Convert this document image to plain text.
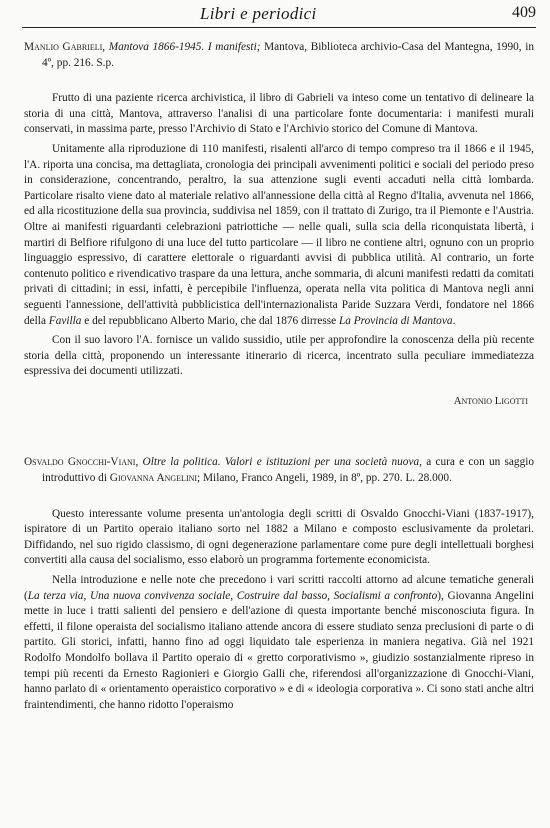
Libri e periodici	409
Manlio Gabrieli, Mantova 1866-1945. I manifesti; Mantova, Biblioteca archivio-Casa del Mantegna, 1990, in 4º, pp. 216. S.p.

Frutto di una paziente ricerca archivistica, il libro di Gabrieli va inteso come un tentativo di delineare la storia di una città, Mantova, attraverso l'analisi di una particolare fonte documentaria: i manifesti murali conservati, in massima parte, presso l'Archivio di Stato e l'Archivio storico del Comune di Mantova.

Unitamente alla riproduzione di 110 manifesti, risalenti all'arco di tempo compreso tra il 1866 e il 1945, l'A. riporta una concisa, ma dettagliata, cronologia dei principali avvenimenti politici e sociali del periodo preso in considerazione, concentrando, peraltro, la sua attenzione sugli eventi accaduti nella città lombarda. Particolare risalto viene dato al materiale relativo all'annessione della città al Regno d'Italia, avvenuta nel 1866, ed alla ricostituzione della sua provincia, suddivisa nel 1859, con il trattato di Zurigo, tra il Piemonte e l'Austria. Oltre ai manifesti riguardanti celebrazioni patriottiche — nelle quali, sulla scia della riconquistata libertà, i martiri di Belfiore rifulgono di una luce del tutto particolare — il libro ne contiene altri, ognuno con un proprio linguaggio espressivo, di carattere elettorale o riguardanti avvisi di pubblica utilità. Al contrario, un forte contenuto politico e rivendicativo traspare da una lettura, anche sommaria, di alcuni manifesti redatti da comitati privati di cittadini; in essi, infatti, è percepibile l'influenza, operata nella vita politica di Mantova negli anni seguenti l'annessione, dell'attività pubblicistica dell'internazionalista Paride Suzzara Verdi, fondatore nel 1866 della Favilla e del repubblicano Alberto Mario, che dal 1876 dirresse La Provincia di Mantova.

Con il suo lavoro l'A. fornisce un valido sussidio, utile per approfondire la conoscenza della più recente storia della città, proponendo un interessante itinerario di ricerca, incentrato sulla peculiare immediatezza espressiva dei documenti utilizzati.

Antonio Ligotti
Osvaldo Gnocchi-Viani, Oltre la politica. Valori e istituzioni per una società nuova, a cura e con un saggio introduttivo di Giovanna Angelini; Milano, Franco Angeli, 1989, in 8º, pp. 270. L. 28.000.

Questo interessante volume presenta un'antologia degli scritti di Osvaldo Gnocchi-Viani (1837-1917), ispiratore di un Partito operaio italiano sorto nel 1882 a Milano e composto esclusivamente da proletari. Diffidando, nel suo rigido classismo, di ogni degenerazione parlamentare come pure degli intellettuali borghesi convertiti alla causa del socialismo, esso elaborò un programma fortemente economicista.

Nella introduzione e nelle note che precedono i vari scritti raccolti attorno ad alcune tematiche generali (La terza via, Una nuova convivenza sociale, Costruire dal basso, Socialismi a confronto), Giovanna Angelini mette in luce i tratti salienti del pensiero e dell'azione di questa importante benché misconosciuta figura. In effetti, il filone operaista del socialismo italiano attende ancora di essere studiato senza preclusioni di parte o di partito. Gli storici, infatti, hanno fino ad oggi liquidato tale esperienza in maniera negativa. Già nel 1921 Rodolfo Mondolfo bollava il Partito operaio di « gretto corporativismo », giudizio sostanzialmente ripreso in tempi più recenti da Ernesto Ragionieri e Giorgio Galli che, riferendosi all'organizzazione di Gnocchi-Viani, hanno parlato di « orientamento operaistico corporativo » e di « ideologia corporativa ». Ci sono stati anche altri fraintendimenti, che hanno ridotto l'operaismo
